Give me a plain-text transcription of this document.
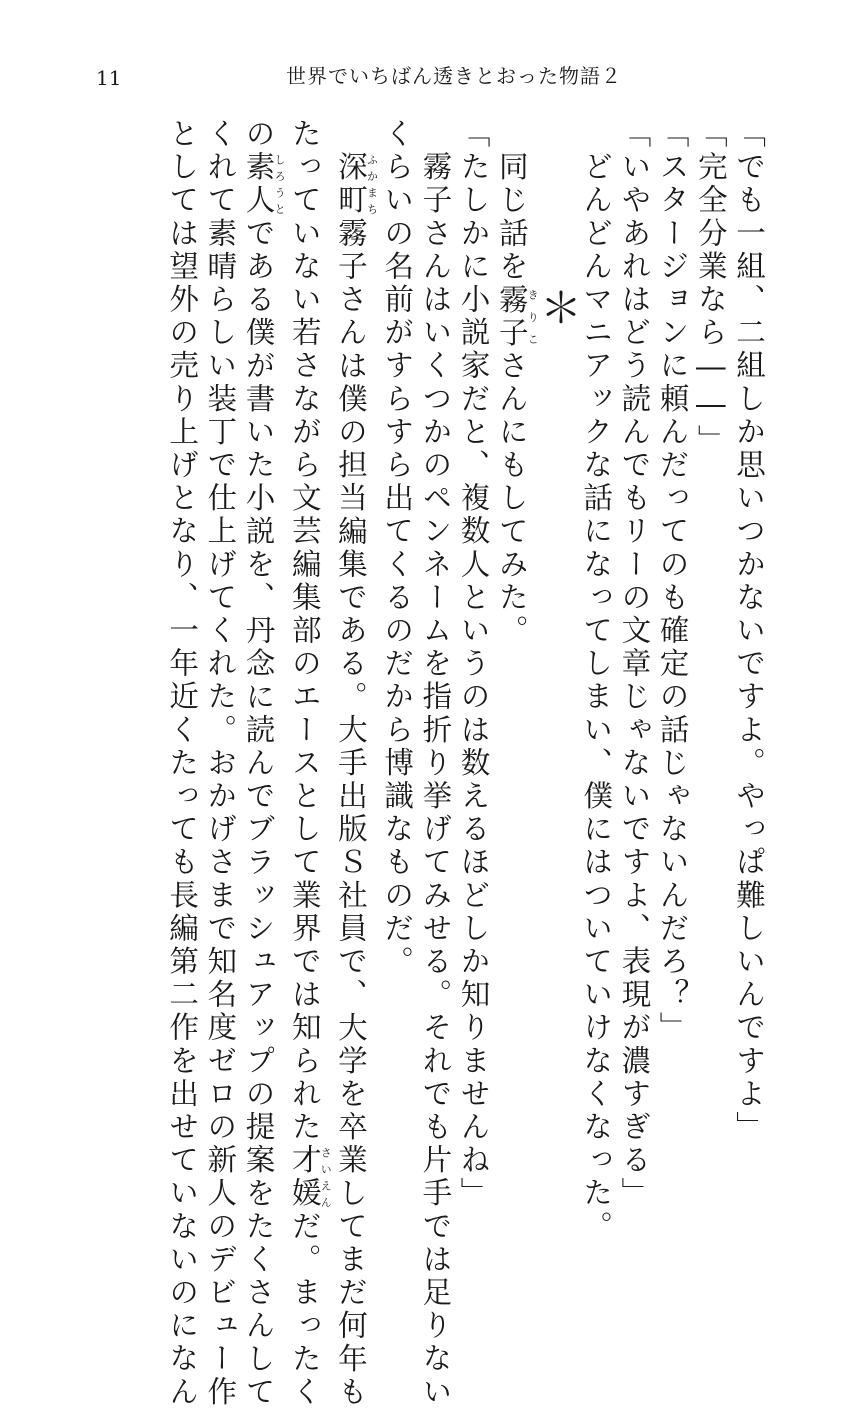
11	世界でいちばん透きとおった物語２
「でも一組、二組しか思いつかないですよ。やっぱ難しいんですよ」
「完全分業なら――」
「スタージョンに頼んだってのも確定の話じゃないんだろ？」
「いやあれはどう読んでもリーの文章じゃないですよ、表現が濃すぎる」
　どんどんマニアックな話になってしまい、僕にはついていけなくなった。
＊
　同じ話を霧子きりこさんにもしてみた。
「たしかに小説家だと、複数人というのは数えるほどしか知りませんね」
　霧子さんはいくつかのペンネームを指折り挙げてみせる。それでも片手では足りない
くらいの名前がすらすら出てくるのだから博識なものだ。
　深町ふかまち霧子さんは僕の担当編集である。大手出版Ｓ社員で、大学を卒業してまだ何年も
たっていない若さながら文芸編集部のエースとして業界では知られた才媛さいえんだ。まったく
の素人しろうとである僕が書いた小説を、丹念に読んでブラッシュアップの提案をたくさんして
くれて素晴らしい装丁で仕上げてくれた。おかげさまで知名度ゼロの新人のデビュー作
としては望外の売り上げとなり、一年近くたっても長編第二作を出せていないのになん
